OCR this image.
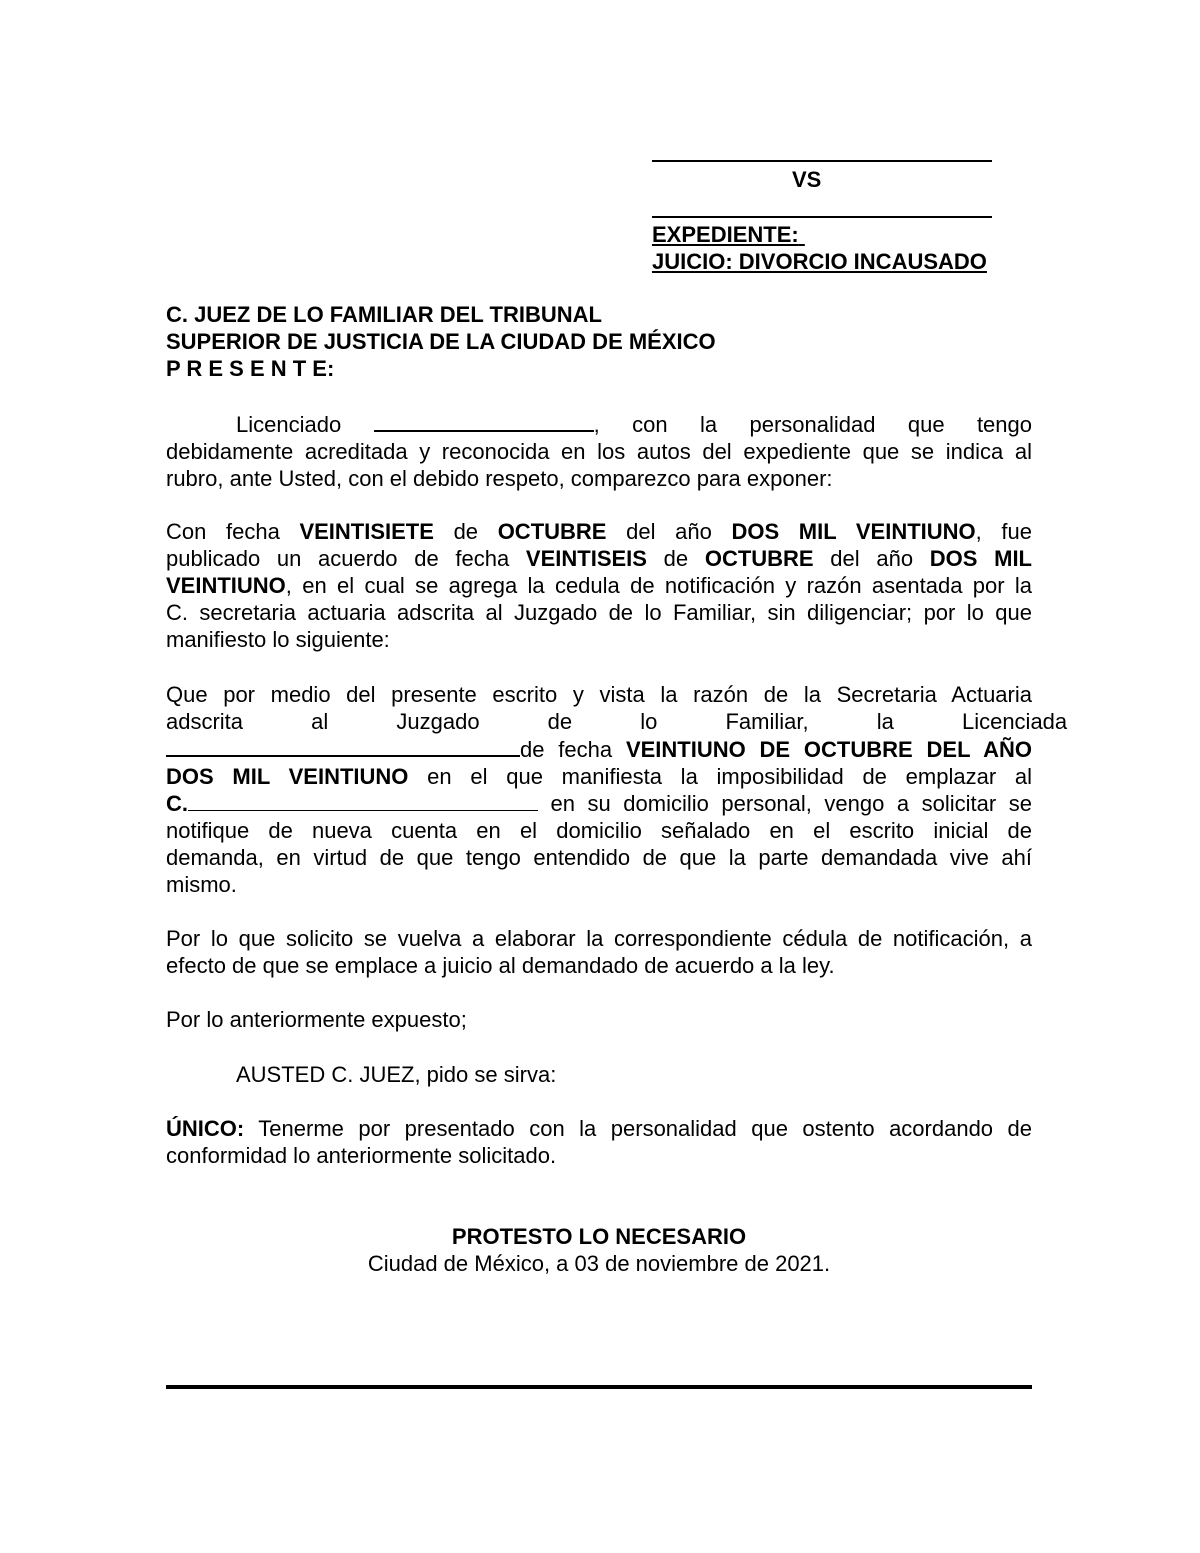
VS
EXPEDIENTE:
JUICIO: DIVORCIO INCAUSADO
C. JUEZ DE LO FAMILIAR DEL TRIBUNAL
SUPERIOR DE JUSTICIA DE LA CIUDAD DE MÉXICO
P R E S E N T E:
Licenciado	, con la personalidad que tengo
debidamente acreditada y reconocida en los autos del expediente que se indica al
rubro, ante Usted, con el debido respeto, comparezco para exponer:
Con fecha VEINTISIETE de OCTUBRE del año DOS MIL VEINTIUNO, fue
publicado un acuerdo de fecha VEINTISEIS de OCTUBRE del año DOS MIL
VEINTIUNO, en el cual se agrega la cedula de notificación y razón asentada por la
C. secretaria actuaria adscrita al Juzgado de lo Familiar, sin diligenciar; por lo que
manifiesto lo siguiente:
Que por medio del presente escrito y vista la razón de la Secretaria Actuaria
adscrita al Juzgado de lo Familiar, la Licenciada
de fecha VEINTIUNO DE OCTUBRE DEL AÑO
DOS MIL VEINTIUNO en el que manifiesta la imposibilidad de emplazar al
C.	en su domicilio personal, vengo a solicitar se
notifique de nueva cuenta en el domicilio señalado en el escrito inicial de
demanda, en virtud de que tengo entendido de que la parte demandada vive ahí
mismo.
Por lo que solicito se vuelva a elaborar la correspondiente cédula de notificación, a
efecto de que se emplace a juicio al demandado de acuerdo a la ley.
Por lo anteriormente expuesto;
AUSTED C. JUEZ, pido se sirva:
ÚNICO: Tenerme por presentado con la personalidad que ostento acordando de
conformidad lo anteriormente solicitado.
PROTESTO LO NECESARIO
Ciudad de México, a 03 de noviembre de 2021.
